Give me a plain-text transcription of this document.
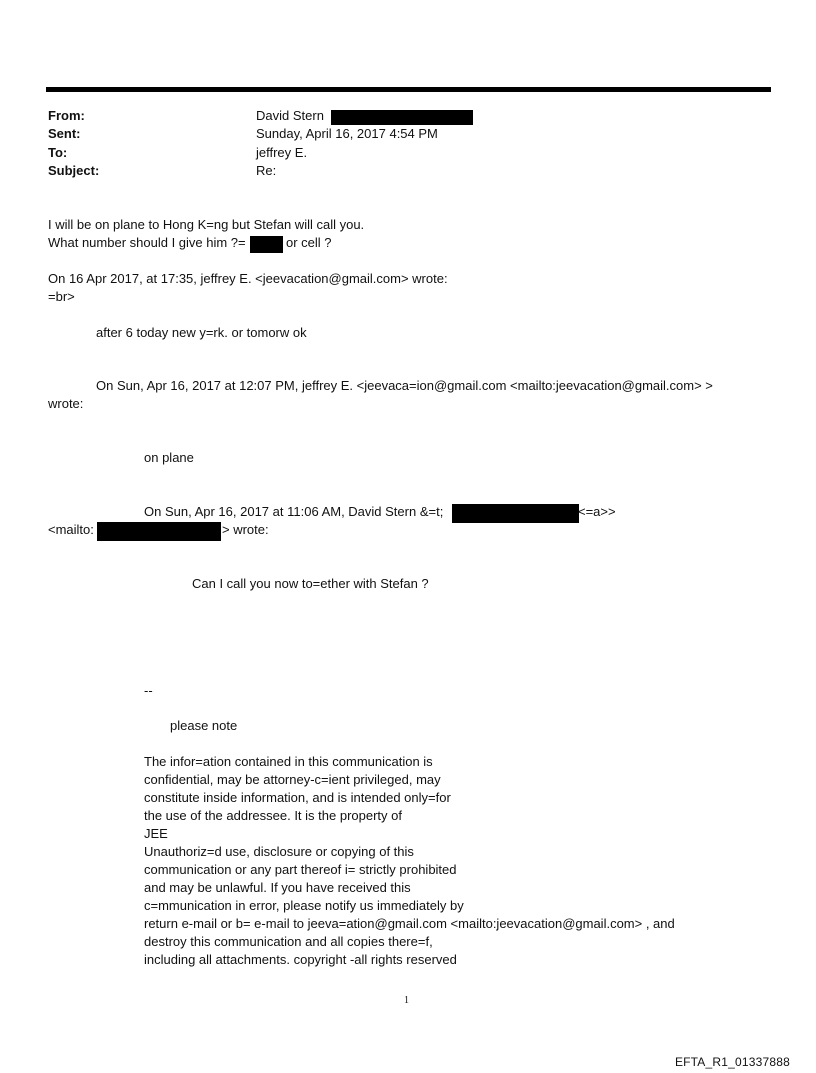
From:	David Stern
Sent:	Sunday, April 16, 2017 4:54 PM
To:	jeffrey E.
Subject:	Re:
I will be on plane to Hong K=ng but Stefan will call you.
What number should I give him ?=	or cell ?
On 16 Apr 2017, at 17:35, jeffrey E. <jeevacation@gmail.com> wrote:
=br>
after 6 today new y=rk. or tomorw ok
On Sun, Apr 16, 2017 at 12:07 PM, jeffrey E. <jeevaca=ion@gmail.com <mailto:jeevacation@gmail.com> >
wrote:
on plane
On Sun, Apr 16, 2017 at 11:06 AM, David Stern &=t;	<=a>>
<mailto:	> wrote:
Can I call you now to=ether with Stefan ?
--
please note
The infor=ation contained in this communication is
confidential, may be attorney-c=ient privileged, may
constitute inside information, and is intended only=for
the use of the addressee. It is the property of
JEE
Unauthoriz=d use, disclosure or copying of this
communication or any part thereof i= strictly prohibited
and may be unlawful. If you have received this
c=mmunication in error, please notify us immediately by
return e-mail or b= e-mail to jeeva=ation@gmail.com <mailto:jeevacation@gmail.com> , and
destroy this communication and all copies there=f,
including all attachments. copyright -all rights reserved
1
EFTA_R1_01337888
